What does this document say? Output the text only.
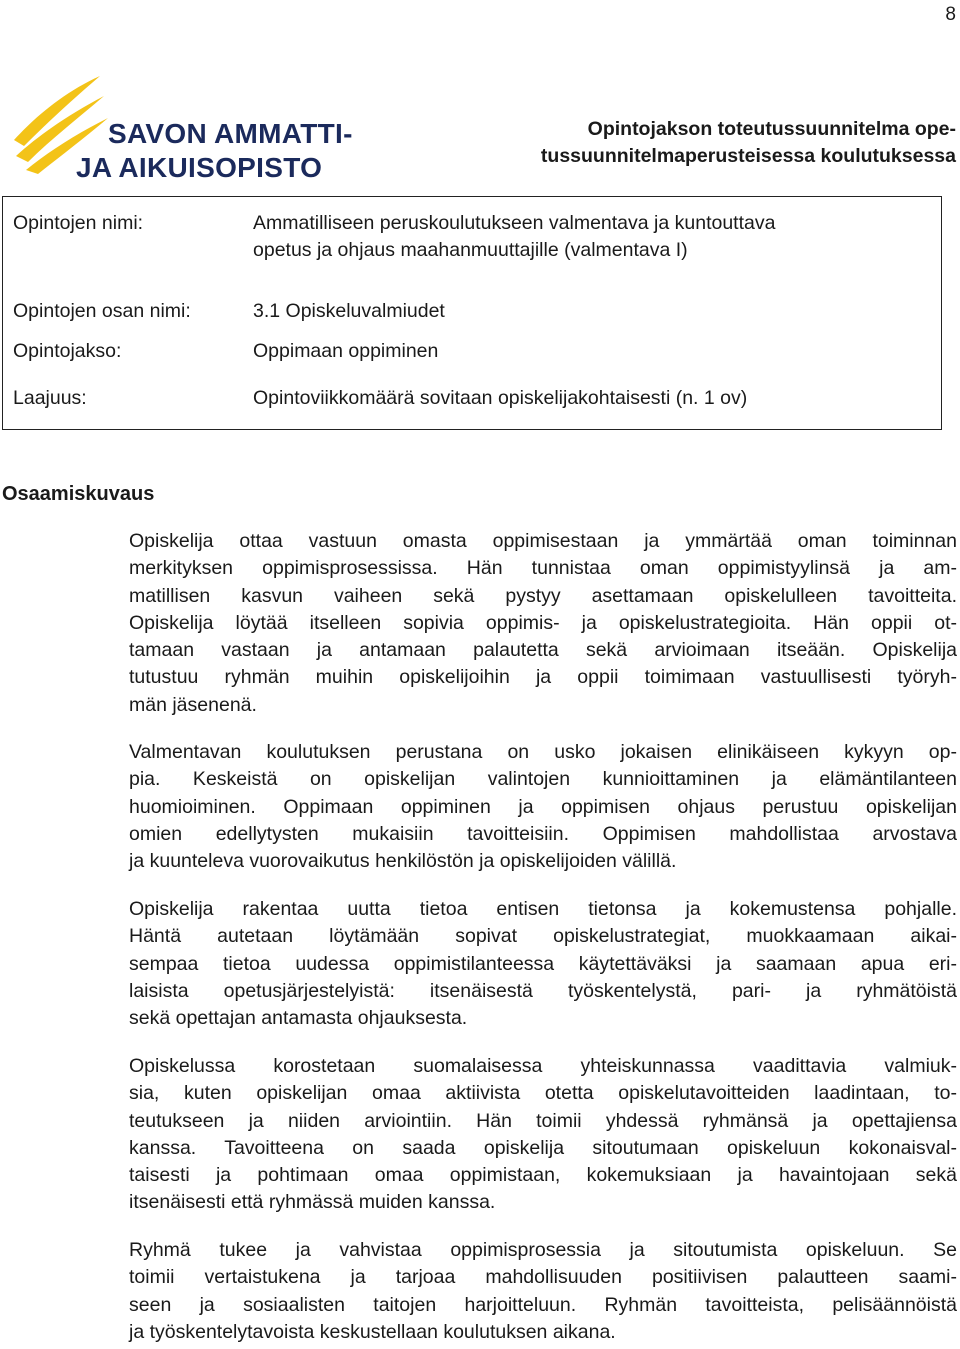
8
SAVON AMMATTI-
JA AIKUISOPISTO
Opintojakson toteutussuunnitelma ope-
tussuunnitelmaperusteisessa koulutuksessa
Opintojen nimi:	Ammatilliseen peruskoulutukseen valmentava ja kuntouttava
opetus ja ohjaus maahanmuuttajille (valmentava I)
Opintojen osan nimi:	3.1 Opiskeluvalmiudet
Opintojakso:	Oppimaan oppiminen
Laajuus:	Opintoviikkomäärä sovitaan opiskelijakohtaisesti (n. 1 ov)
Osaamiskuvaus
Opiskelija ottaa vastuun omasta oppimisestaan ja ymmärtää oman toiminnan
merkityksen oppimisprosessissa. Hän tunnistaa oman oppimistyylinsä ja am-
matillisen kasvun vaiheen sekä pystyy asettamaan opiskelulleen tavoitteita.
Opiskelija löytää itselleen sopivia oppimis- ja opiskelustrategioita. Hän oppii ot-
tamaan vastaan ja antamaan palautetta sekä arvioimaan itseään. Opiskelija
tutustuu ryhmän muihin opiskelijoihin ja oppii toimimaan vastuullisesti työryh-
män jäsenenä.
Valmentavan koulutuksen perustana on usko jokaisen elinikäiseen kykyyn op-
pia. Keskeistä on opiskelijan valintojen kunnioittaminen ja elämäntilanteen
huomioiminen. Oppimaan oppiminen ja oppimisen ohjaus perustuu opiskelijan
omien edellytysten mukaisiin tavoitteisiin. Oppimisen mahdollistaa arvostava
ja kuunteleva vuorovaikutus henkilöstön ja opiskelijoiden välillä.
Opiskelija rakentaa uutta tietoa entisen tietonsa ja kokemustensa pohjalle.
Häntä autetaan löytämään sopivat opiskelustrategiat, muokkaamaan aikai-
sempaa tietoa uudessa oppimistilanteessa käytettäväksi ja saamaan apua eri-
laisista opetusjärjestelyistä: itsenäisestä työskentelystä, pari- ja ryhmätöistä
sekä opettajan antamasta ohjauksesta.
Opiskelussa korostetaan suomalaisessa yhteiskunnassa vaadittavia valmiuk-
sia, kuten opiskelijan omaa aktiivista otetta opiskelutavoitteiden laadintaan, to-
teutukseen ja niiden arviointiin. Hän toimii yhdessä ryhmänsä ja opettajiensa
kanssa. Tavoitteena on saada opiskelija sitoutumaan opiskeluun kokonaisval-
taisesti ja pohtimaan omaa oppimistaan, kokemuksiaan ja havaintojaan sekä
itsenäisesti että ryhmässä muiden kanssa.
Ryhmä tukee ja vahvistaa oppimisprosessia ja sitoutumista opiskeluun. Se
toimii vertaistukena ja tarjoaa mahdollisuuden positiivisen palautteen saami-
seen ja sosiaalisten taitojen harjoitteluun. Ryhmän tavoitteista, pelisäännöistä
ja työskentelytavoista keskustellaan koulutuksen aikana.
